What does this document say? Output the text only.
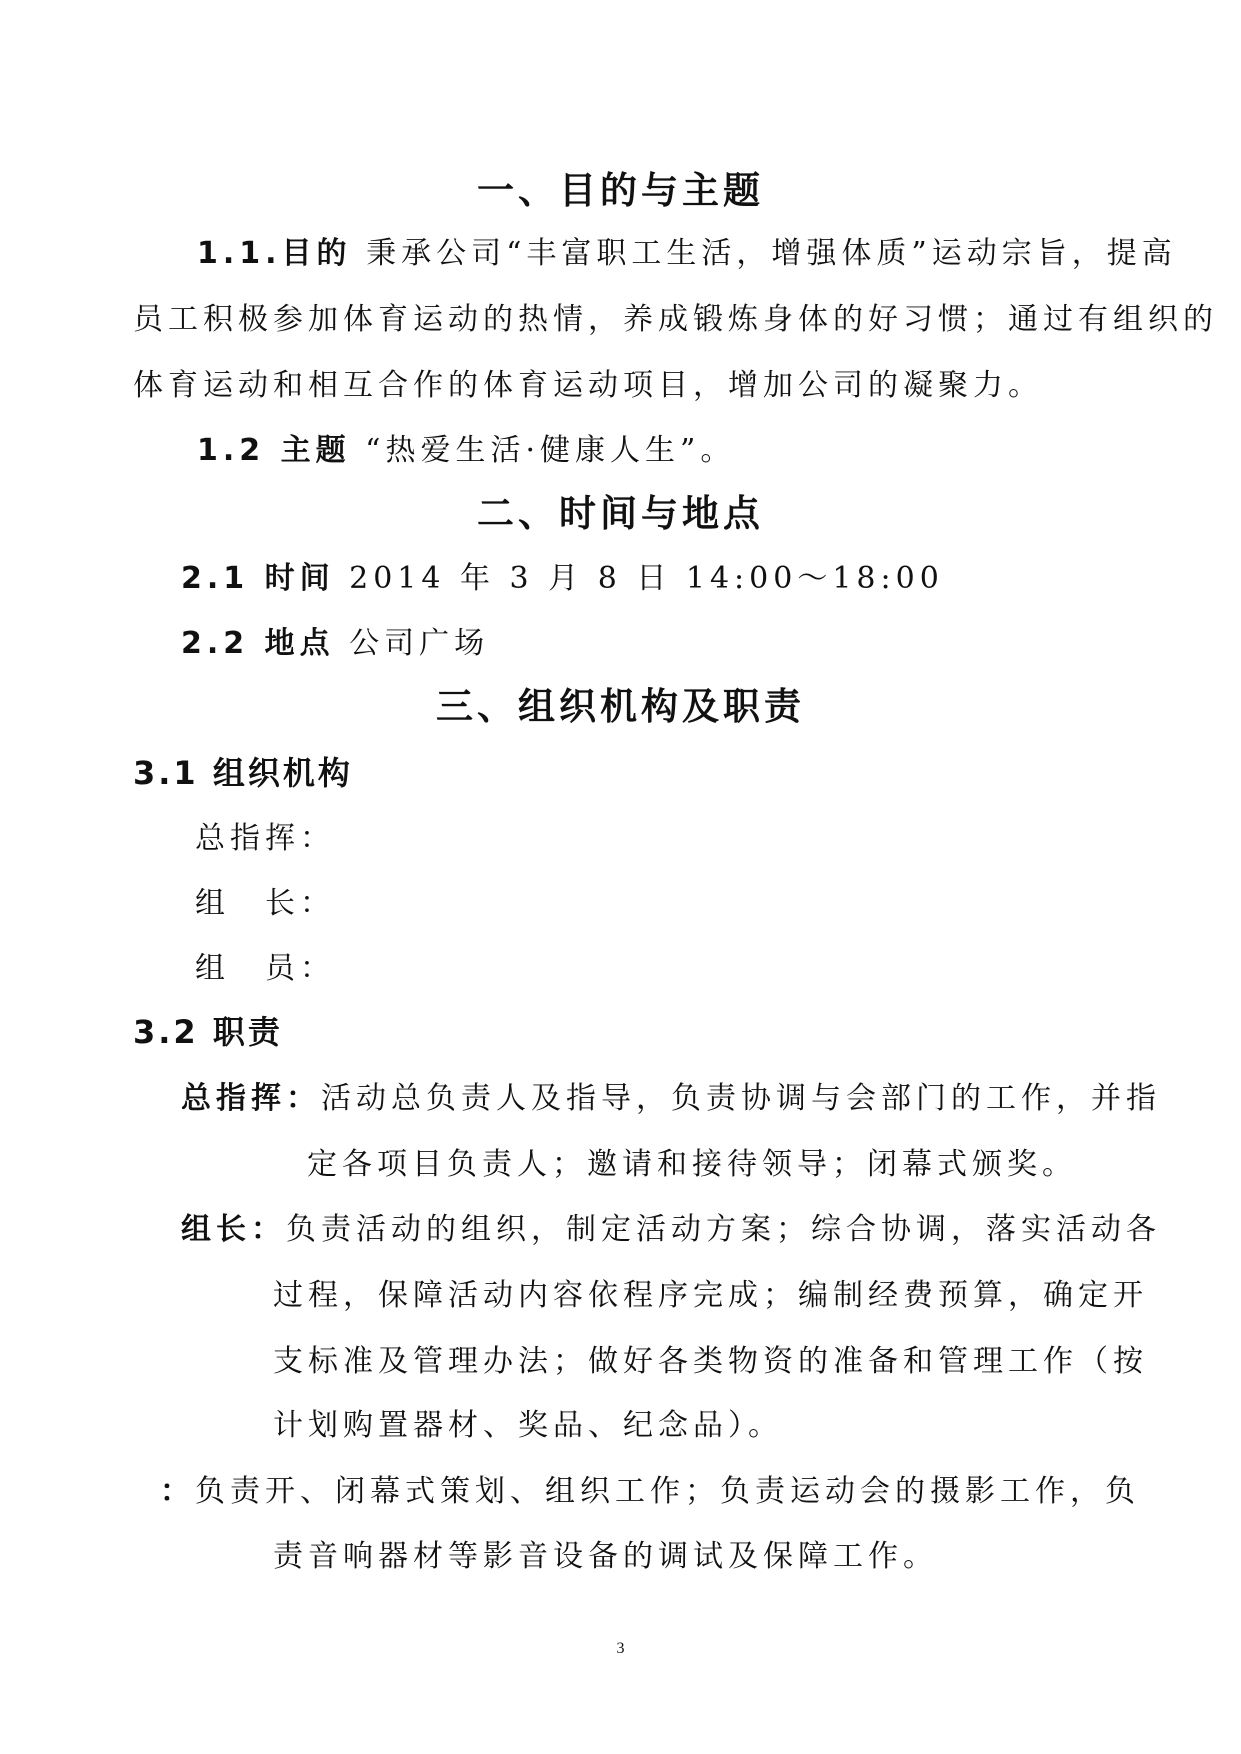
一、目的与主题

1.1.目的 秉承公司“丰富职工生活，增强体质”运动宗旨，提高

员工积极参加体育运动的热情，养成锻炼身体的好习惯；通过有组织的

体育运动和相互合作的体育运动项目，增加公司的凝聚力。

1.2 主题 “热爱生活·健康人生”。

二、时间与地点

2.1 时间 2014 年 3 月 8 日 14:00～18:00

2.2 地点 公司广场

三、组织机构及职责
3.1 组织机构

总指挥：

组　长：

组　员：

3.2 职责

总指挥：活动总负责人及指导，负责协调与会部门的工作，并指

定各项目负责人；邀请和接待领导；闭幕式颁奖。

组长：负责活动的组织，制定活动方案；综合协调，落实活动各

过程，保障活动内容依程序完成；编制经费预算，确定开

支标准及管理办法；做好各类物资的准备和管理工作（按

计划购置器材、奖品、纪念品）。

：负责开、闭幕式策划、组织工作；负责运动会的摄影工作，负

责音响器材等影音设备的调试及保障工作。

3
